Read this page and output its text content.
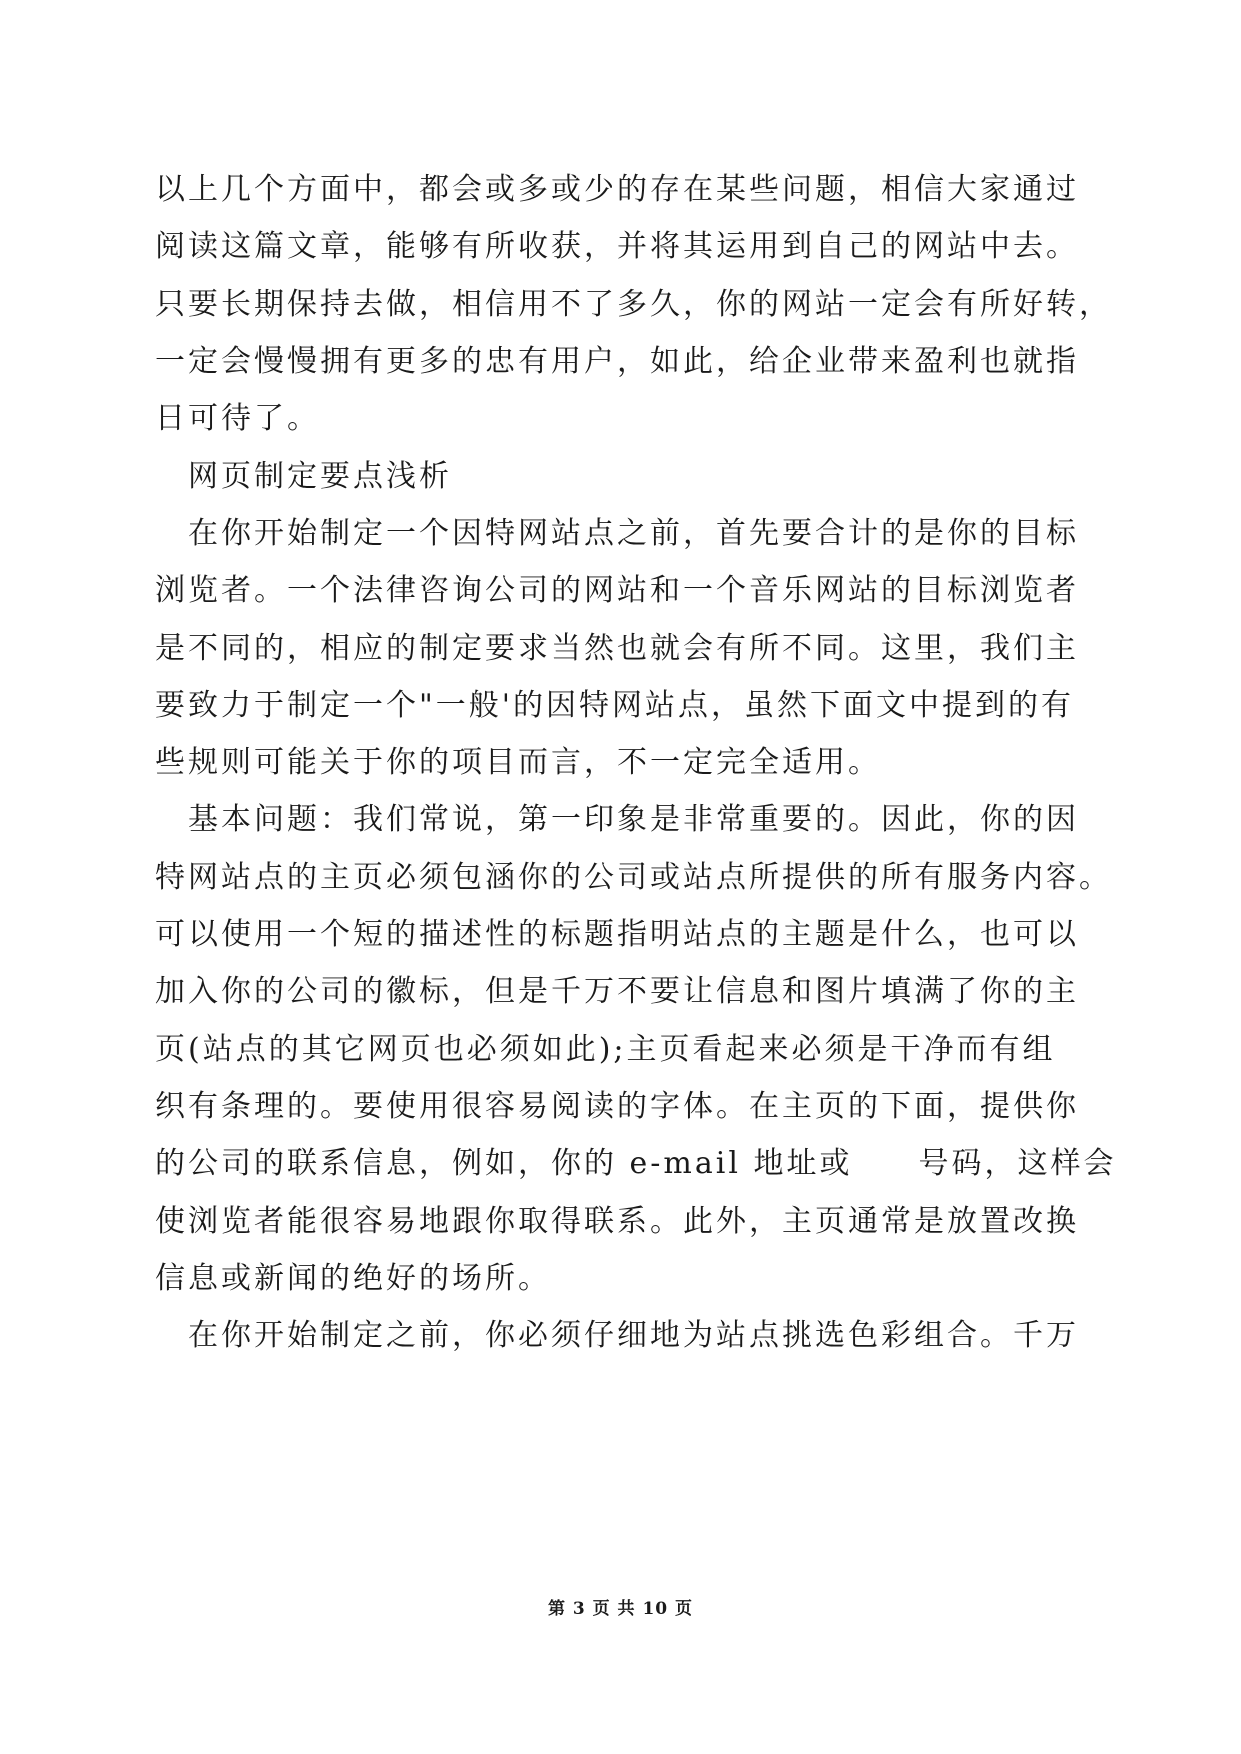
以上几个方面中，都会或多或少的存在某些问题，相信大家通过
阅读这篇文章，能够有所收获，并将其运用到自己的网站中去。
只要长期保持去做，相信用不了多久，你的网站一定会有所好转，
一定会慢慢拥有更多的忠有用户，如此，给企业带来盈利也就指
日可待了。
　网页制定要点浅析
　在你开始制定一个因特网站点之前，首先要合计的是你的目标
浏览者。一个法律咨询公司的网站和一个音乐网站的目标浏览者
是不同的，相应的制定要求当然也就会有所不同。这里，我们主
要致力于制定一个"一般'的因特网站点，虽然下面文中提到的有
些规则可能关于你的项目而言，不一定完全适用。
　基本问题：我们常说，第一印象是非常重要的。因此，你的因
特网站点的主页必须包涵你的公司或站点所提供的所有服务内容。
可以使用一个短的描述性的标题指明站点的主题是什么，也可以
加入你的公司的徽标，但是千万不要让信息和图片填满了你的主
页(站点的其它网页也必须如此);主页看起来必须是干净而有组
织有条理的。要使用很容易阅读的字体。在主页的下面，提供你
的公司的联系信息，例如，你的 e-mail 地址或　　号码，这样会
使浏览者能很容易地跟你取得联系。此外，主页通常是放置改换
信息或新闻的绝好的场所。
　在你开始制定之前，你必须仔细地为站点挑选色彩组合。千万
第 3 页 共 10 页
